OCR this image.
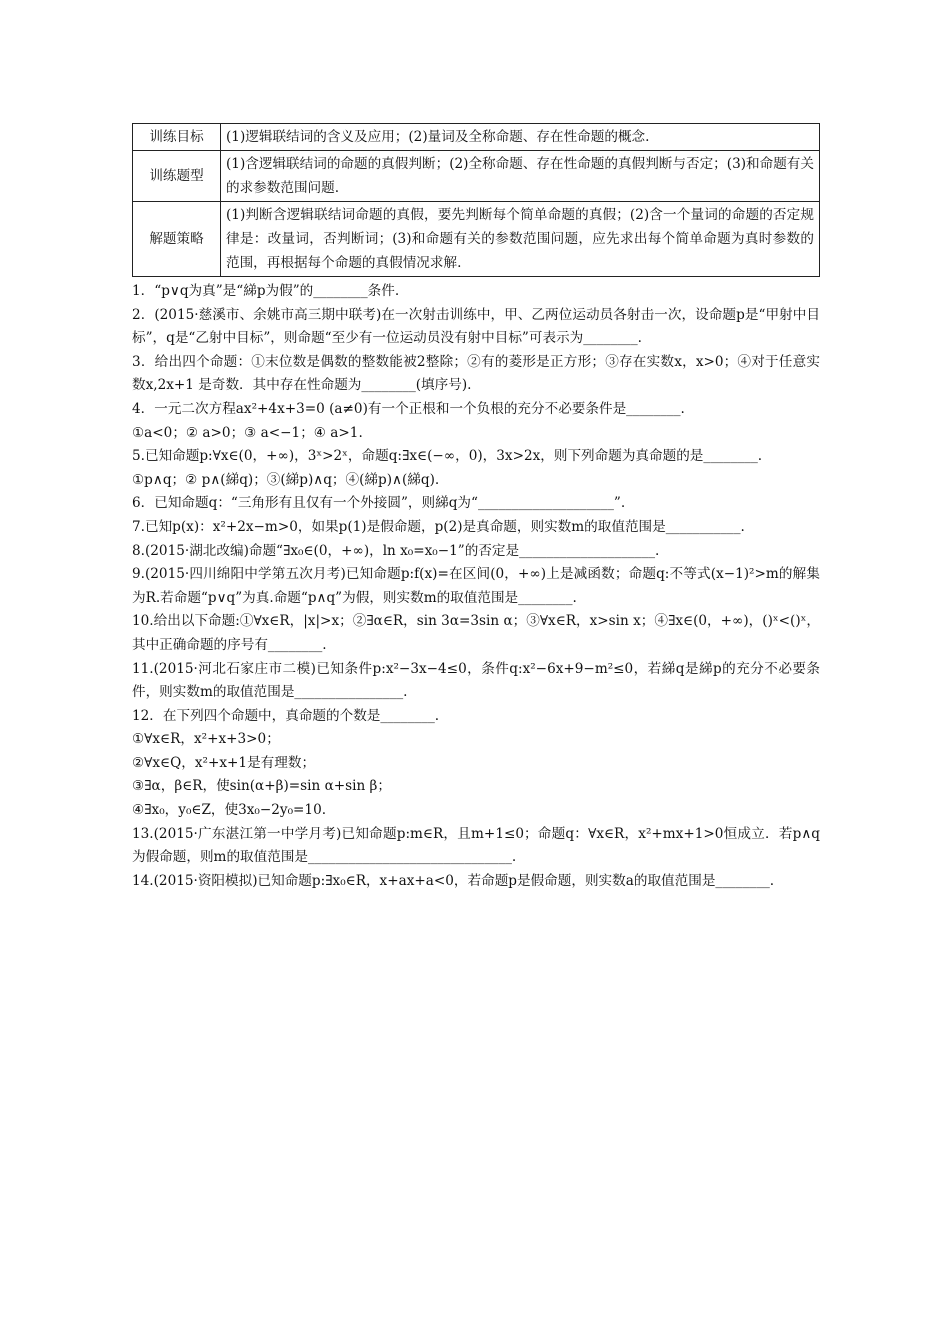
训练目标	(1)逻辑联结词的含义及应用；(2)量词及全称命题、存在性命题的概念.
训练题型	(1)含逻辑联结词的命题的真假判断；(2)全称命题、存在性命题的真假判断与否定；(3)和命题有关的求参数范围问题.
解题策略	(1)判断含逻辑联结词命题的真假，要先判断每个简单命题的真假；(2)含一个量词的命题的否定规律是：改量词，否判断词；(3)和命题有关的参数范围问题，应先求出每个简单命题为真时参数的范围，再根据每个命题的真假情况求解.
1．“p∨q为真”是“綈p为假”的________条件.
2．(2015·慈溪市、余姚市高三期中联考)在一次射击训练中，甲、乙两位运动员各射击一次，设命题p是“甲射中目标”，q是“乙射中目标”，则命题“至少有一位运动员没有射中目标”可表示为________.
3．给出四个命题：①末位数是偶数的整数能被2整除；②有的菱形是正方形；③存在实数x，x>0；④对于任意实数x,2x+1 是奇数．其中存在性命题为________(填序号).
4．一元二次方程ax²+4x+3=0 (a≠0)有一个正根和一个负根的充分不必要条件是________.
①a<0；② a>0；③ a<−1；④ a>1.
5.已知命题p:∀x∈(0，+∞)，3ˣ>2ˣ，命题q:∃x∈(−∞，0)，3x>2x，则下列命题为真命题的是________.
①p∧q；② p∧(綈q)；③(綈p)∧q；④(綈p)∧(綈q).
6．已知命题q：“三角形有且仅有一个外接圆”，则綈q为“____________________”.
7.已知p(x)：x²+2x−m>0，如果p(1)是假命题，p(2)是真命题，则实数m的取值范围是___________.
8.(2015·湖北改编)命题“∃x₀∈(0，+∞)，ln x₀=x₀−1”的否定是____________________.
9.(2015·四川绵阳中学第五次月考)已知命题p:f(x)=在区间(0，+∞)上是减函数；命题q:不等式(x−1)²>m的解集为R.若命题“p∨q”为真.命题“p∧q”为假，则实数m的取值范围是________.
10.给出以下命题:①∀x∈R，|x|>x；②∃α∈R，sin 3α=3sin α；③∀x∈R，x>sin x；④∃x∈(0，+∞)，()ˣ<()ˣ，其中正确命题的序号有________.
11.(2015·河北石家庄市二模)已知条件p:x²−3x−4≤0，条件q:x²−6x+9−m²≤0，若綈q是綈p的充分不必要条件，则实数m的取值范围是________________.
12．在下列四个命题中，真命题的个数是________.
①∀x∈R，x²+x+3>0；
②∀x∈Q，x²+x+1是有理数；
③∃α，β∈R，使sin(α+β)=sin α+sin β；
④∃x₀，y₀∈Z，使3x₀−2y₀=10.
13.(2015·广东湛江第一中学月考)已知命题p:m∈R，且m+1≤0；命题q：∀x∈R，x²+mx+1>0恒成立．若p∧q为假命题，则m的取值范围是______________________________.
14.(2015·资阳模拟)已知命题p:∃x₀∈R，x+ax+a<0，若命题p是假命题，则实数a的取值范围是________.
